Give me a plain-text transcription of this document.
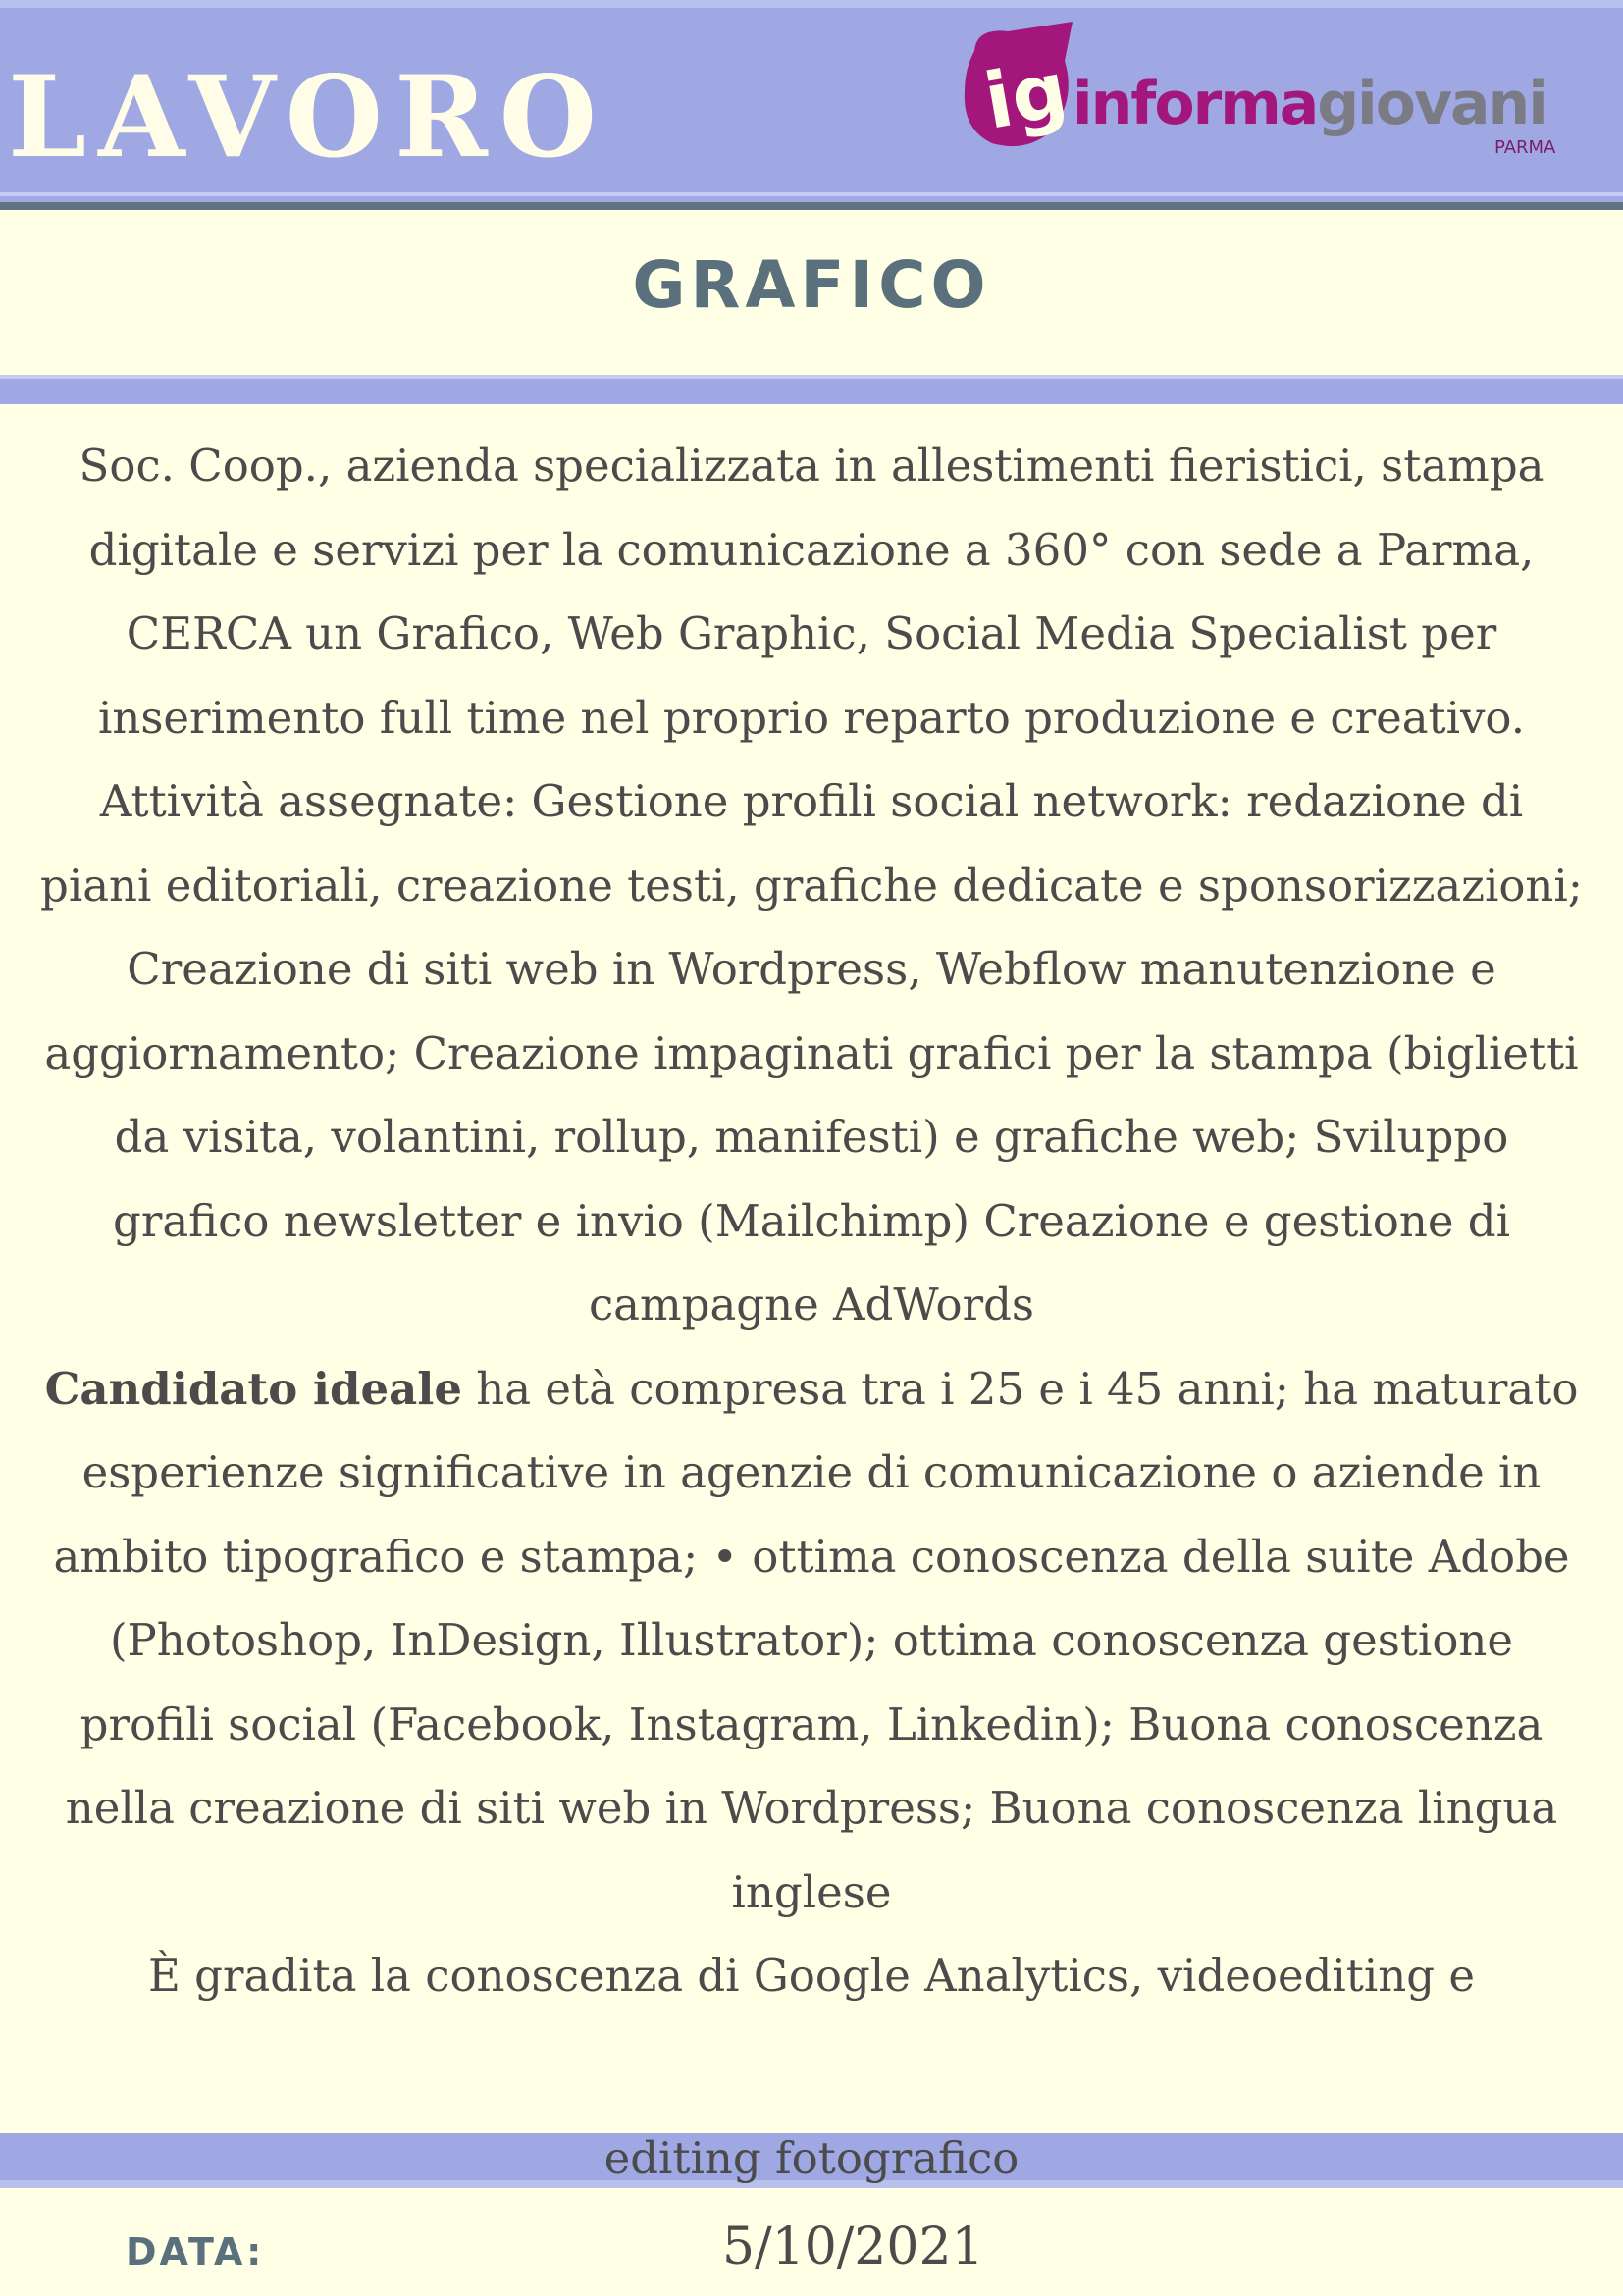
LAVORO	ig
informagiovani
PARMA
GRAFICO

Soc. Coop., azienda specializzata in allestimenti fieristici, stampa digitale e servizi per la comunicazione a 360° con sede a Parma, CERCA un Grafico, Web Graphic, Social Media Specialist per inserimento full time nel proprio reparto produzione e creativo.

Attività assegnate: Gestione profili social network: redazione di piani editoriali, creazione testi, grafiche dedicate e sponsorizzazioni; Creazione di siti web in Wordpress, Webflow manutenzione e aggiornamento; Creazione impaginati grafici per la stampa (biglietti da visita, volantini, rollup, manifesti) e grafiche web; Sviluppo grafico newsletter e invio (Mailchimp) Creazione e gestione di campagne AdWords

Candidato ideale ha età compresa tra i 25 e i 45 anni; ha maturato esperienze significative in agenzie di comunicazione o aziende in ambito tipografico e stampa; • ottima conoscenza della suite Adobe (Photoshop, InDesign, Illustrator); ottima conoscenza gestione profili social (Facebook, Instagram, Linkedin); Buona conoscenza nella creazione di siti web in Wordpress; Buona conoscenza lingua inglese

È gradita la conoscenza di Google Analytics, videoediting e

editing fotografico
DATA:	5/10/2021
